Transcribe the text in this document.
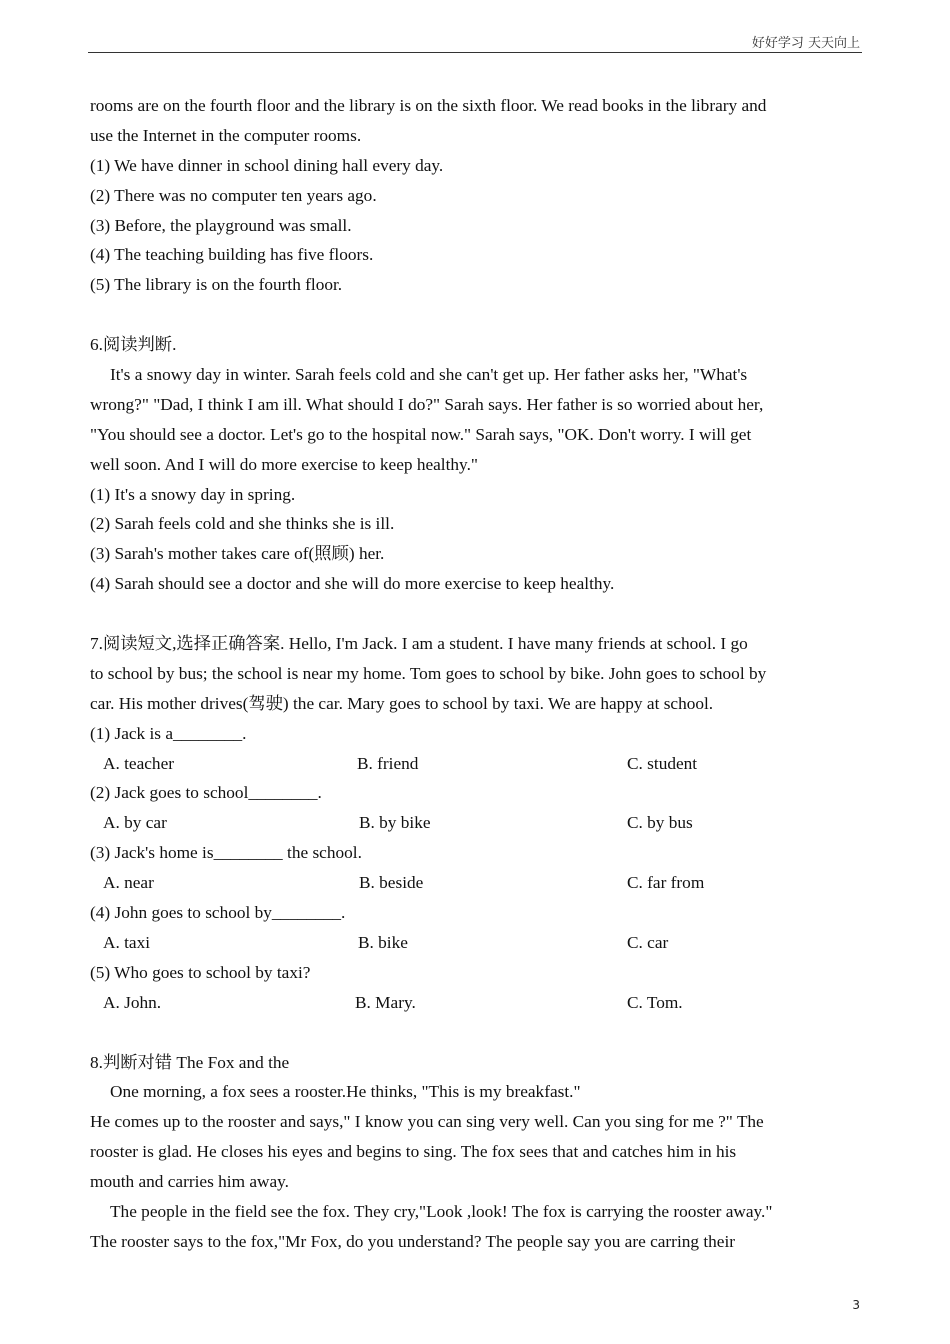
好好学习 天天向上
rooms are on the fourth floor and the library is on the sixth floor. We read books in the library and
use the Internet in the computer rooms.
(1) We have dinner in school dining hall every day.
(2) There was no computer ten years ago.
(3) Before, the playground was small.
(4) The teaching building has five floors.
(5) The library is on the fourth floor.
6.阅读判断.
It's a snowy day in winter. Sarah feels cold and she can't get up. Her father asks her, "What's
wrong?" "Dad, I think I am ill. What should I do?" Sarah says. Her father is so worried about her,
"You should see a doctor. Let's go to the hospital now." Sarah says, "OK. Don't worry. I will get
well soon. And I will do more exercise to keep healthy."
(1) It's a snowy day in spring.
(2) Sarah feels cold and she thinks she is ill.
(3) Sarah's mother takes care of(照顾) her.
(4) Sarah should see a doctor and she will do more exercise to keep healthy.
7.阅读短文,选择正确答案. Hello, I'm Jack. I am a student. I have many friends at school. I go
to school by bus; the school is near my home. Tom goes to school by bike. John goes to school by
car. His mother drives(驾驶) the car. Mary goes to school by taxi. We are happy at school.
(1) Jack is a________.
A. teacher	B. friend	C. student
(2) Jack goes to school________.
A. by car	B. by bike	C. by bus
(3) Jack's home is________ the school.
A. near	B. beside	C. far from
(4) John goes to school by________.
A. taxi	B. bike	C. car
(5) Who goes to school by taxi?
A. John.	B. Mary.	C. Tom.
8.判断对错 The Fox and the
One morning, a fox sees a rooster.He thinks, "This is my breakfast."
He comes up to the rooster and says," I know you can sing very well. Can you sing for me ?" The
rooster is glad. He closes his eyes and begins to sing. The fox sees that and catches him in his
mouth and carries him away.
The people in the field see the fox. They cry,"Look ,look! The fox is carrying the rooster away."
The rooster says to the fox,"Mr Fox, do you understand? The people say you are carring their
3
